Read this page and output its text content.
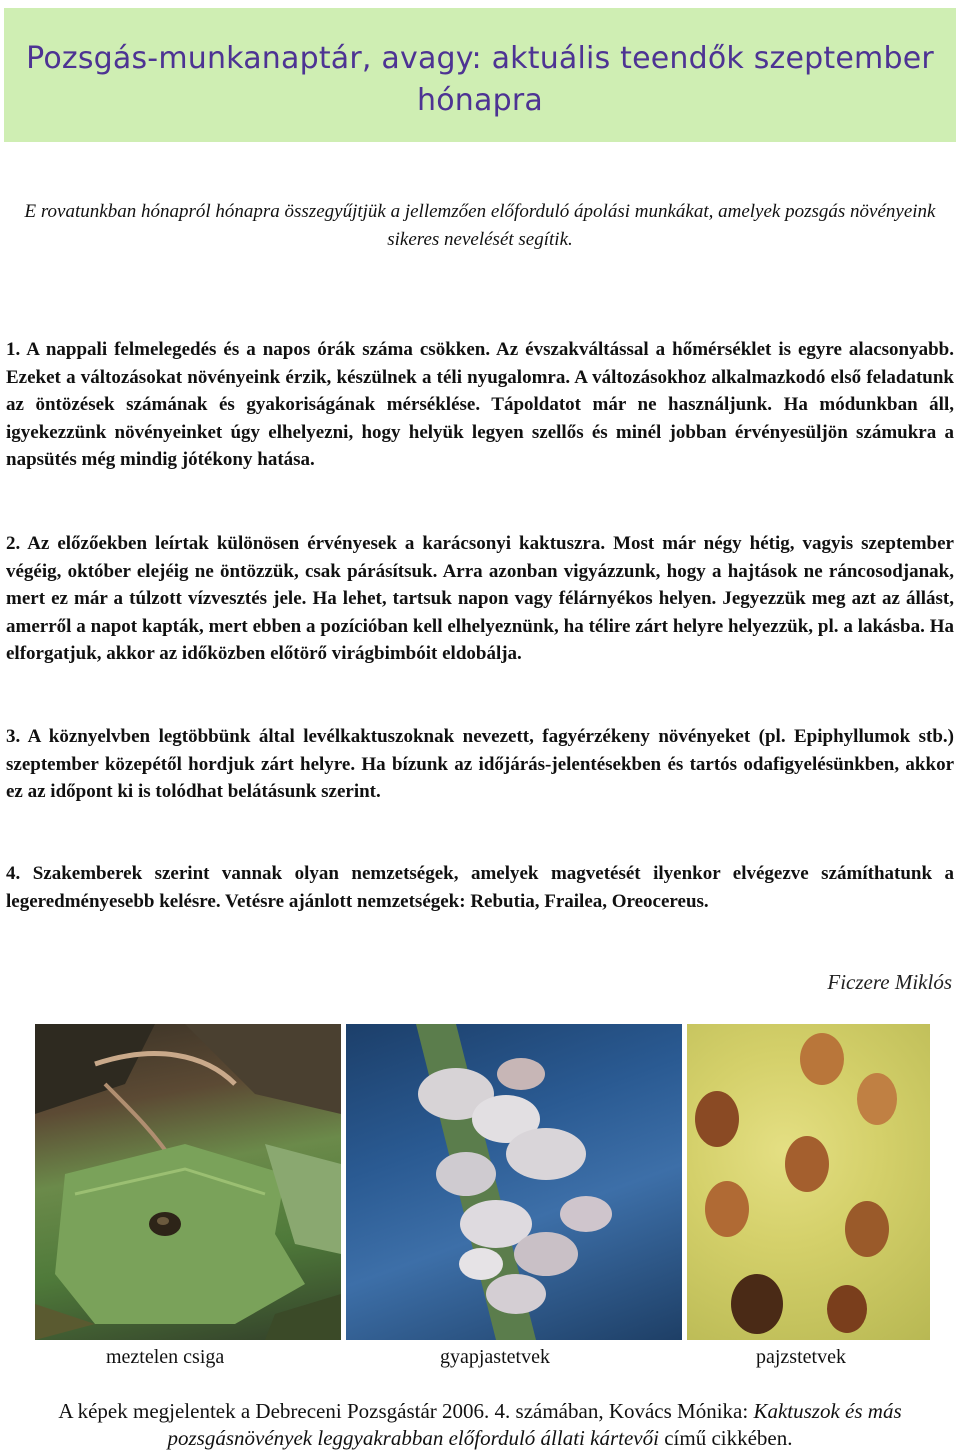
Pozsgás-munkanaptár, avagy: aktuális teendők szeptember hónapra
E rovatunkban hónapról hónapra összegyűjtjük a jellemzően előforduló ápolási munkákat, amelyek pozsgás növényeink sikeres nevelését segítik.
1. A nappali felmelegedés és a napos órák száma csökken. Az évszakváltással a hőmérséklet is egyre alacsonyabb. Ezeket a változásokat növényeink érzik, készülnek a téli nyugalomra. A változásokhoz alkalmazkodó első feladatunk az öntözések számának és gyakoriságának mérséklése. Tápoldatot már ne használjunk. Ha módunkban áll, igyekezzünk növényeinket úgy elhelyezni, hogy helyük legyen szellős és minél jobban érvényesüljön számukra a napsütés még mindig jótékony hatása.
2. Az előzőekben leírtak különösen érvényesek a karácsonyi kaktuszra. Most már négy hétig, vagyis szeptember végéig, október elejéig ne öntözzük, csak párásítsuk. Arra azonban vigyázzunk, hogy a hajtások ne ráncosodjanak, mert ez már a túlzott vízvesztés jele. Ha lehet, tartsuk napon vagy félárnyékos helyen. Jegyezzük meg azt az állást, amerről a napot kapták, mert ebben a pozícióban kell elhelyeznünk, ha télire zárt helyre helyezzük, pl. a lakásba. Ha elforgatjuk, akkor az időközben előtörő virágbimbóit eldobálja.
3. A köznyelvben legtöbbünk által levélkaktuszoknak nevezett, fagyérzékeny növényeket (pl. Epiphyllumok stb.) szeptember közepétől hordjuk zárt helyre. Ha bízunk az időjárás-jelentésekben és tartós odafigyelésünkben, akkor ez az időpont ki is tolódhat belátásunk szerint.
4. Szakemberek szerint vannak olyan nemzetségek, amelyek magvetését ilyenkor elvégezve számíthatunk a legeredményesebb kelésre. Vetésre ajánlott nemzetségek: Rebutia, Frailea, Oreocereus.
Ficzere Miklós
meztelen csiga	gyapjastetvek	pajzstetvek
A képek megjelentek a Debreceni Pozsgástár 2006. 4. számában, Kovács Mónika: Kaktuszok és más pozsgásnövények leggyakrabban előforduló állati kártevői című cikkében.
